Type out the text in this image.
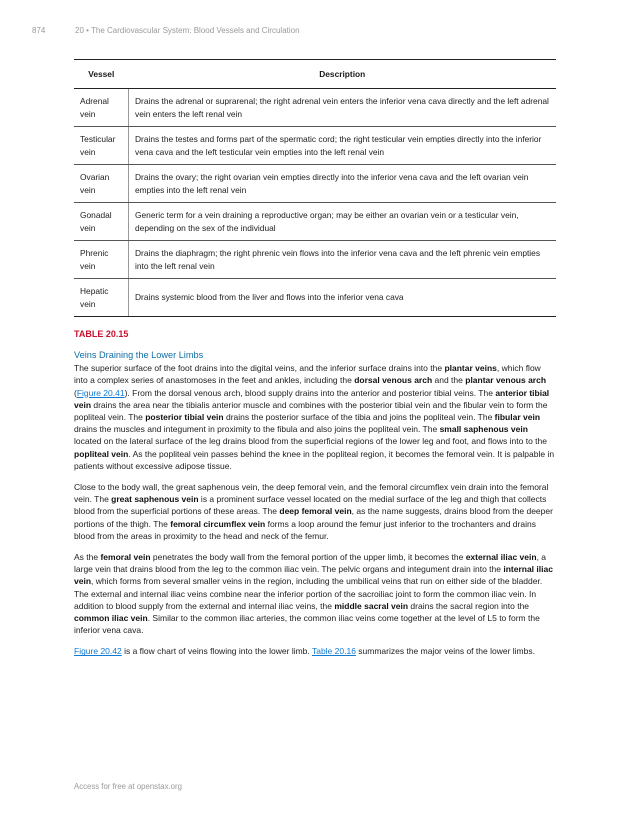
874	20 • The Cardiovascular System: Blood Vessels and Circulation
Vessel	Description
Adrenal vein	Drains the adrenal or suprarenal; the right adrenal vein enters the inferior vena cava directly and the left adrenal vein enters the left renal vein
Testicular vein	Drains the testes and forms part of the spermatic cord; the right testicular vein empties directly into the inferior vena cava and the left testicular vein empties into the left renal vein
Ovarian vein	Drains the ovary; the right ovarian vein empties directly into the inferior vena cava and the left ovarian vein empties into the left renal vein
Gonadal vein	Generic term for a vein draining a reproductive organ; may be either an ovarian vein or a testicular vein, depending on the sex of the individual
Phrenic vein	Drains the diaphragm; the right phrenic vein flows into the inferior vena cava and the left phrenic vein empties into the left renal vein
Hepatic vein	Drains systemic blood from the liver and flows into the inferior vena cava
TABLE 20.15
Veins Draining the Lower Limbs

The superior surface of the foot drains into the digital veins, and the inferior surface drains into the plantar veins, which flow into a complex series of anastomoses in the feet and ankles, including the dorsal venous arch and the plantar venous arch (Figure 20.41). From the dorsal venous arch, blood supply drains into the anterior and posterior tibial veins. The anterior tibial vein drains the area near the tibialis anterior muscle and combines with the posterior tibial vein and the fibular vein to form the popliteal vein. The posterior tibial vein drains the posterior surface of the tibia and joins the popliteal vein. The fibular vein drains the muscles and integument in proximity to the fibula and also joins the popliteal vein. The small saphenous vein located on the lateral surface of the leg drains blood from the superficial regions of the lower leg and foot, and flows into to the popliteal vein. As the popliteal vein passes behind the knee in the popliteal region, it becomes the femoral vein. It is palpable in patients without excessive adipose tissue.

Close to the body wall, the great saphenous vein, the deep femoral vein, and the femoral circumflex vein drain into the femoral vein. The great saphenous vein is a prominent surface vessel located on the medial surface of the leg and thigh that collects blood from the superficial portions of these areas. The deep femoral vein, as the name suggests, drains blood from the deeper portions of the thigh. The femoral circumflex vein forms a loop around the femur just inferior to the trochanters and drains blood from the areas in proximity to the head and neck of the femur.

As the femoral vein penetrates the body wall from the femoral portion of the upper limb, it becomes the external iliac vein, a large vein that drains blood from the leg to the common iliac vein. The pelvic organs and integument drain into the internal iliac vein, which forms from several smaller veins in the region, including the umbilical veins that run on either side of the bladder. The external and internal iliac veins combine near the inferior portion of the sacroiliac joint to form the common iliac vein. In addition to blood supply from the external and internal iliac veins, the middle sacral vein drains the sacral region into the common iliac vein. Similar to the common iliac arteries, the common iliac veins come together at the level of L5 to form the inferior vena cava.

Figure 20.42 is a flow chart of veins flowing into the lower limb. Table 20.16 summarizes the major veins of the lower limbs.

Access for free at openstax.org
